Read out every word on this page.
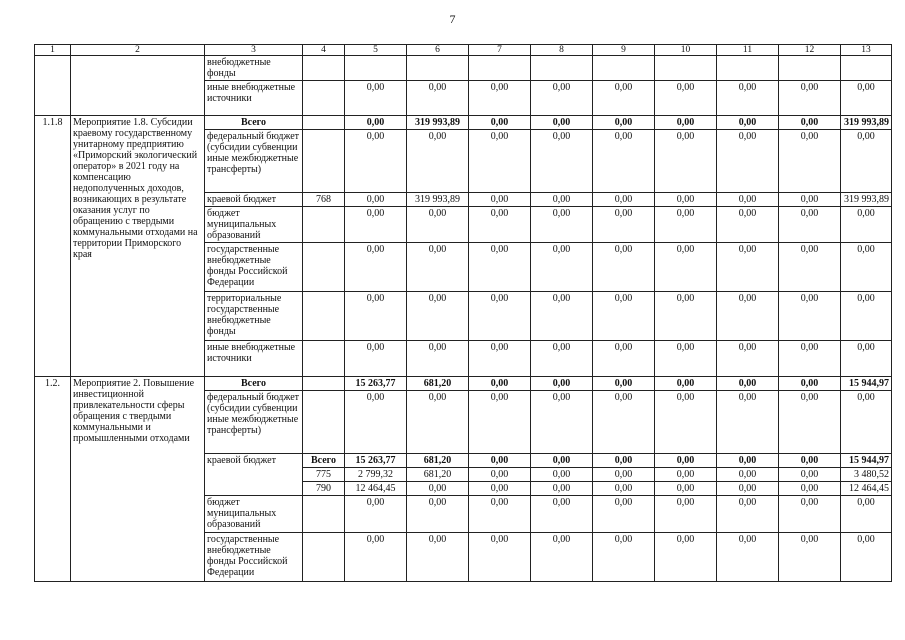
7
1	2	3	4	5	6	7	8	9	10	11	12	13
		внебюджетные фонды										
		иные внебюджетные источники		0,00	0,00	0,00	0,00	0,00	0,00	0,00	0,00	0,00
1.1.8	Мероприятие 1.8. Субсидии краевому государственному унитарному предприятию «Приморский экологический оператор» в 2021 году на компенсацию недополученных доходов, возникающих в результате оказания услуг по обращению с твердыми коммунальными отходами на территории Приморского края	Всего		0,00	319 993,89	0,00	0,00	0,00	0,00	0,00	0,00	319 993,89
		федеральный бюджет (субсидии субвенции иные межбюджетные трансферты)		0,00	0,00	0,00	0,00	0,00	0,00	0,00	0,00	0,00
		краевой бюджет	768	0,00	319 993,89	0,00	0,00	0,00	0,00	0,00	0,00	319 993,89
		бюджет муниципальных образований		0,00	0,00	0,00	0,00	0,00	0,00	0,00	0,00	0,00
		государственные внебюджетные фонды Российской Федерации		0,00	0,00	0,00	0,00	0,00	0,00	0,00	0,00	0,00
		территориальные государственные внебюджетные фонды		0,00	0,00	0,00	0,00	0,00	0,00	0,00	0,00	0,00
		иные внебюджетные источники		0,00	0,00	0,00	0,00	0,00	0,00	0,00	0,00	0,00
1.2.	Мероприятие 2. Повышение инвестиционной привлекательности сферы обращения с твердыми коммунальными и промышленными отходами	Всего		15 263,77	681,20	0,00	0,00	0,00	0,00	0,00	0,00	15 944,97
		федеральный бюджет (субсидии субвенции иные межбюджетные трансферты)		0,00	0,00	0,00	0,00	0,00	0,00	0,00	0,00	0,00
		краевой бюджет	Всего	15 263,77	681,20	0,00	0,00	0,00	0,00	0,00	0,00	15 944,97
			775	2 799,32	681,20	0,00	0,00	0,00	0,00	0,00	0,00	3 480,52
			790	12 464,45	0,00	0,00	0,00	0,00	0,00	0,00	0,00	12 464,45
		бюджет муниципальных образований		0,00	0,00	0,00	0,00	0,00	0,00	0,00	0,00	0,00
		государственные внебюджетные фонды Российской Федерации		0,00	0,00	0,00	0,00	0,00	0,00	0,00	0,00	0,00
